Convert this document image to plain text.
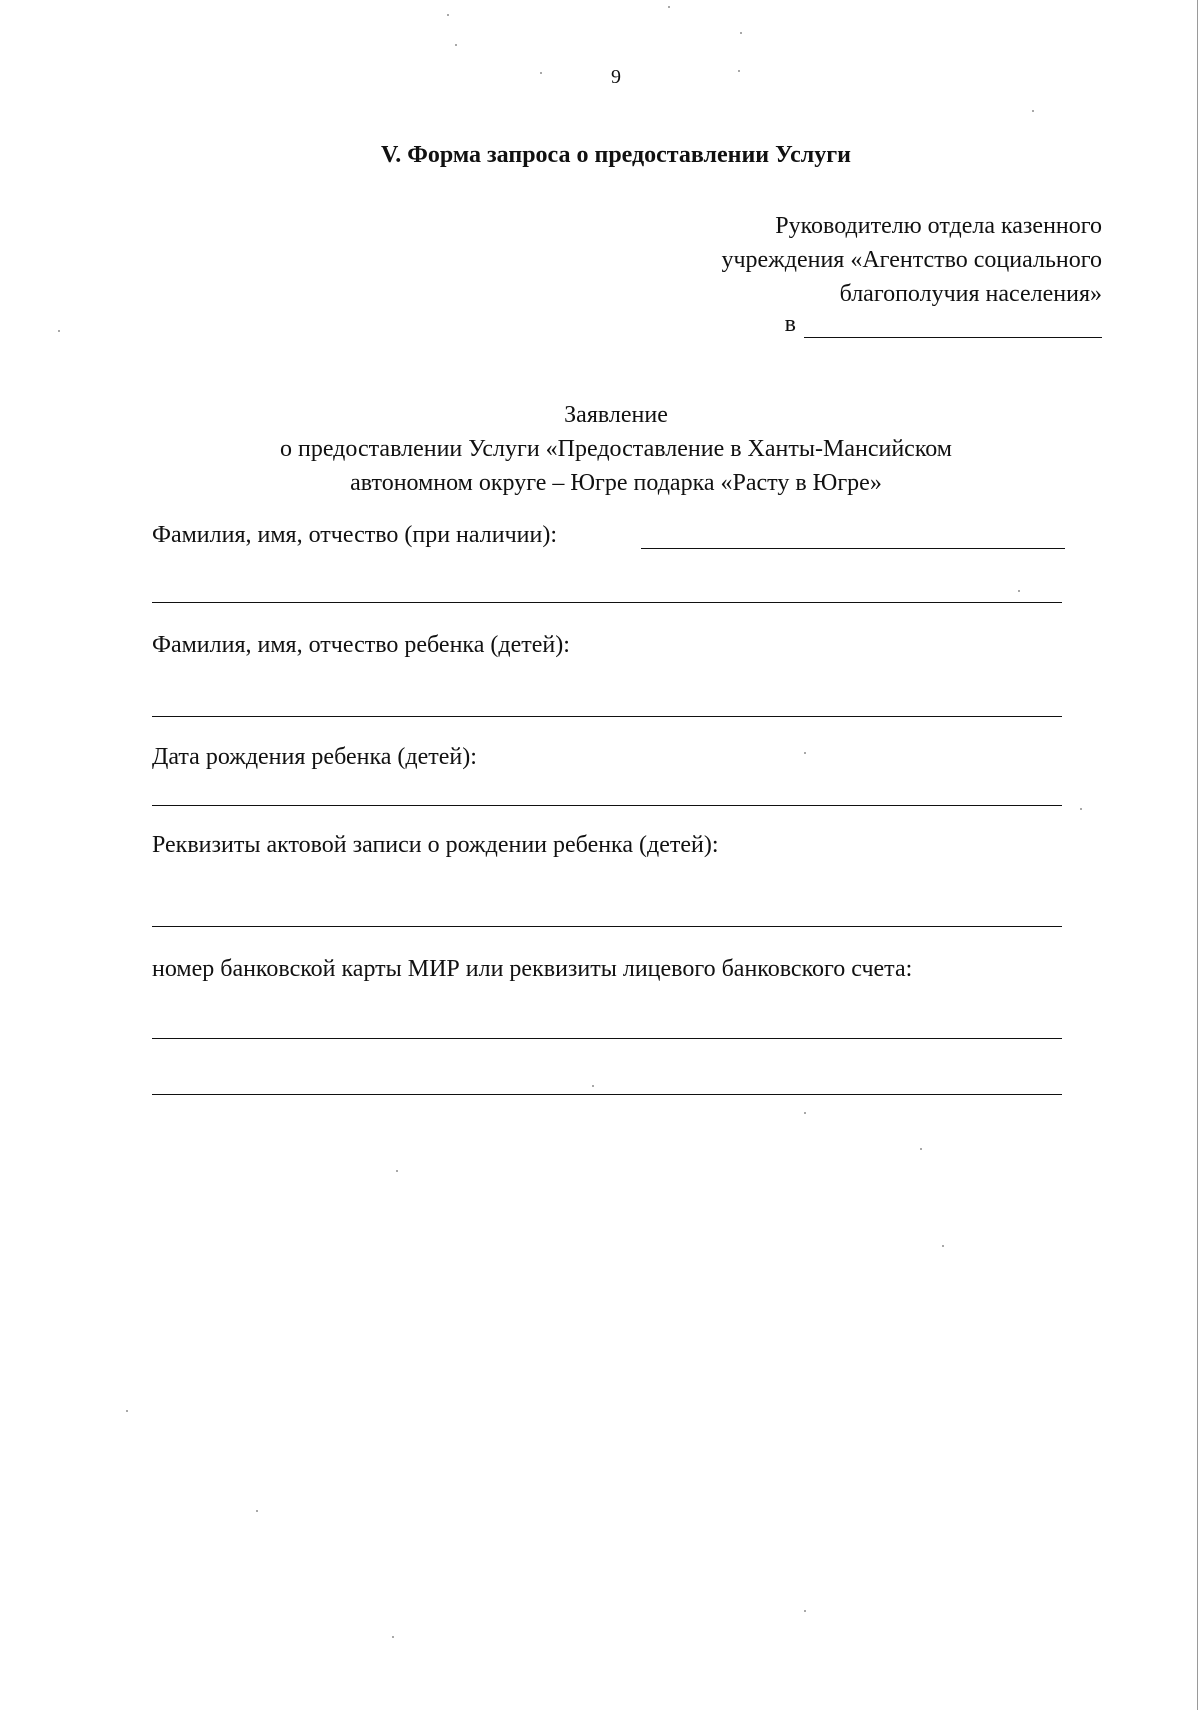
9
V. Форма запроса о предоставлении Услуги
Руководителю отдела казенного
учреждения «Агентство социального
благополучия населения»
в
Заявление
о предоставлении Услуги «Предоставление в Ханты-Мансийском
автономном округе – Югре подарка «Расту в Югре»
Фамилия, имя, отчество (при наличии):
Фамилия, имя, отчество ребенка (детей):
Дата рождения ребенка (детей):
Реквизиты актовой записи о рождении ребенка (детей):
номер банковской карты МИР или реквизиты лицевого банковского счета:
